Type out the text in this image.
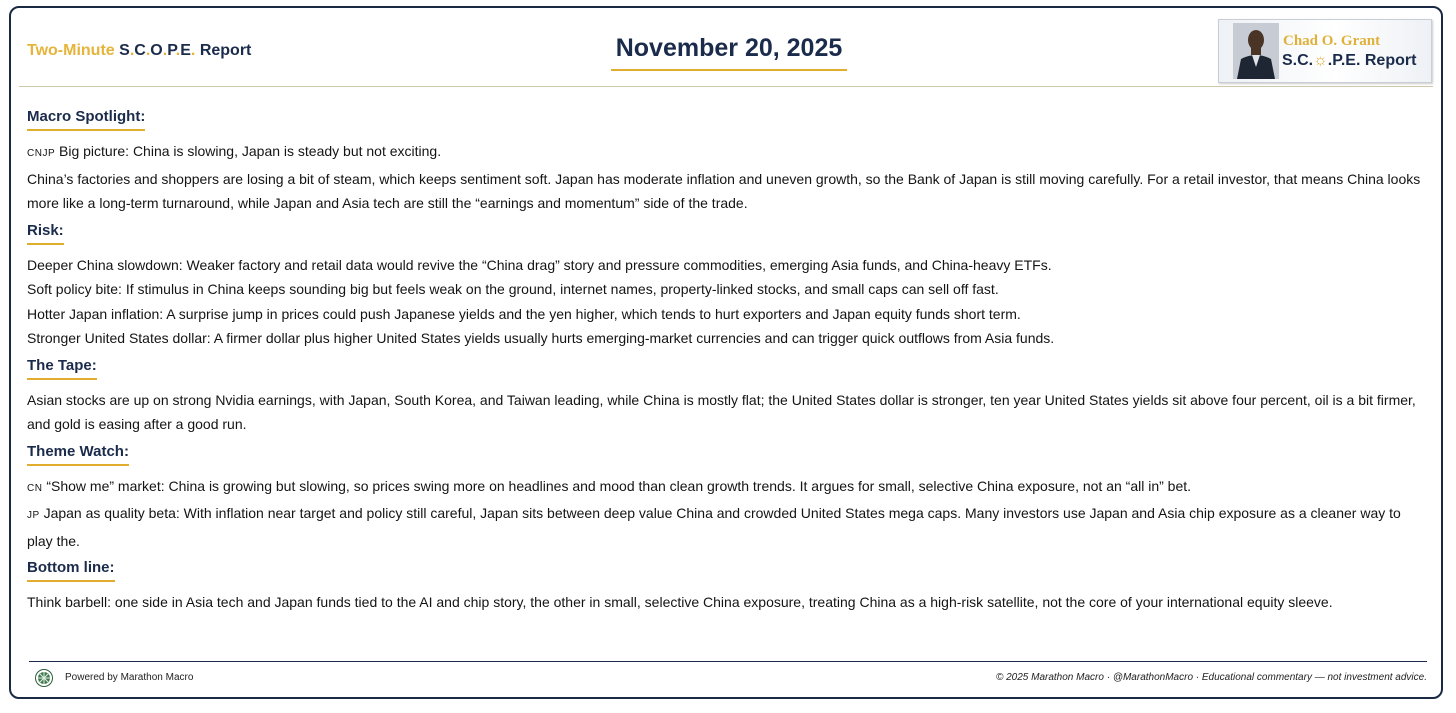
Two-Minute S.C.O.P.E. Report	November 20, 2025	Chad O. Grant
S.C.☼.P.E. Report
Macro Spotlight:

CNJP Big picture: China is slowing, Japan is steady but not exciting.

China’s factories and shoppers are losing a bit of steam, which keeps sentiment soft. Japan has moderate inflation and uneven growth, so the Bank of Japan is still moving carefully. For a retail investor, that means China looks more like a long-term turnaround, while Japan and Asia tech are still the “earnings and momentum” side of the trade.

Risk:

Deeper China slowdown: Weaker factory and retail data would revive the “China drag” story and pressure commodities, emerging Asia funds, and China-heavy ETFs.

Soft policy bite: If stimulus in China keeps sounding big but feels weak on the ground, internet names, property-linked stocks, and small caps can sell off fast.

Hotter Japan inflation: A surprise jump in prices could push Japanese yields and the yen higher, which tends to hurt exporters and Japan equity funds short term.

Stronger United States dollar: A firmer dollar plus higher United States yields usually hurts emerging-market currencies and can trigger quick outflows from Asia funds.

The Tape:

Asian stocks are up on strong Nvidia earnings, with Japan, South Korea, and Taiwan leading, while China is mostly flat; the United States dollar is stronger, ten year United States yields sit above four percent, oil is a bit firmer, and gold is easing after a good run.

Theme Watch:

CN “Show me” market: China is growing but slowing, so prices swing more on headlines and mood than clean growth trends. It argues for small, selective China exposure, not an “all in” bet.

JP Japan as quality beta: With inflation near target and policy still careful, Japan sits between deep value China and crowded United States mega caps. Many investors use Japan and Asia chip exposure as a cleaner way to play the.

Bottom line:

Think barbell: one side in Asia tech and Japan funds tied to the AI and chip story, the other in small, selective China exposure, treating China as a high-risk satellite, not the core of your international equity sleeve.

Powered by Marathon Macro	© 2025 Marathon Macro · @MarathonMacro · Educational commentary — not investment advice.
